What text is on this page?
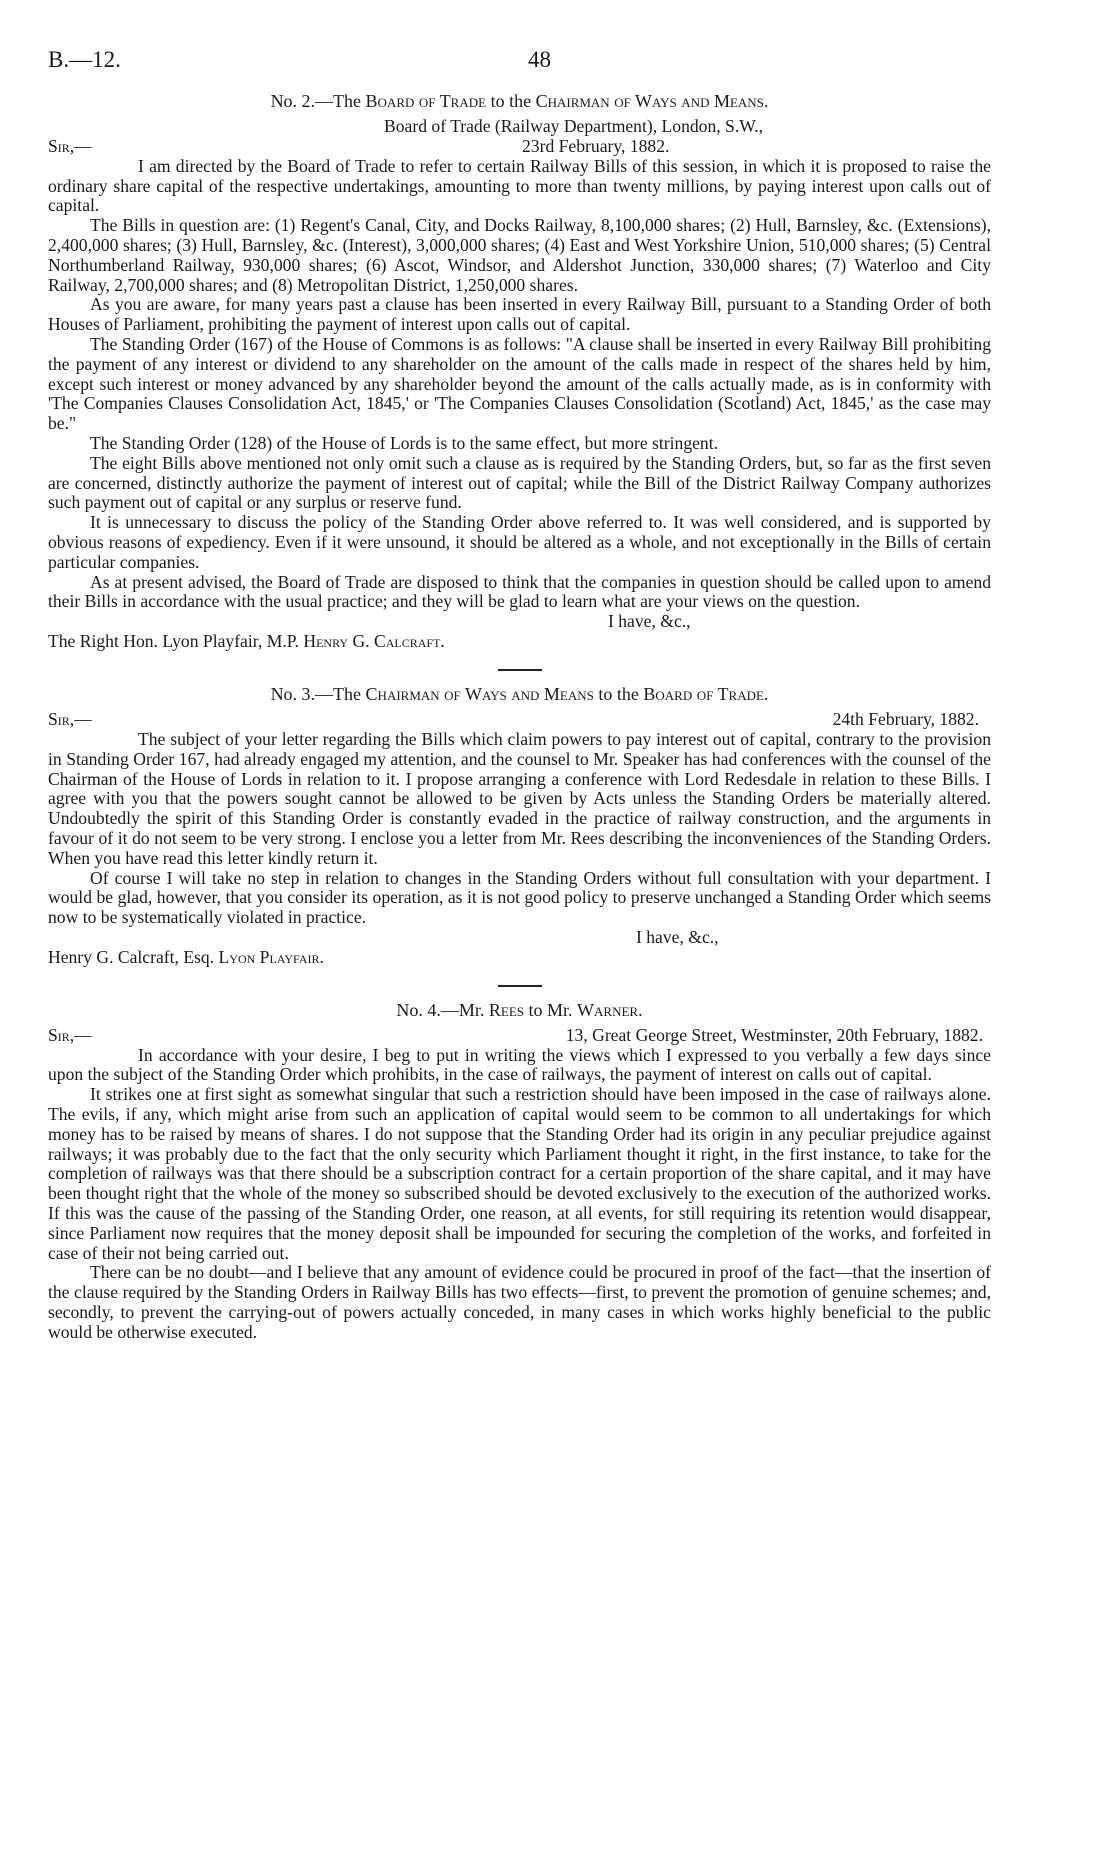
B.—12.	48
No. 2.—The Board of Trade to the Chairman of Ways and Means.
Board of Trade (Railway Department), London, S.W.,
Sir,—	23rd February, 1882.

I am directed by the Board of Trade to refer to certain Railway Bills of this session, in which it is proposed to raise the ordinary share capital of the respective undertakings, amounting to more than twenty millions, by paying interest upon calls out of capital.

The Bills in question are: (1) Regent's Canal, City, and Docks Railway, 8,100,000 shares; (2) Hull, Barnsley, &c. (Extensions), 2,400,000 shares; (3) Hull, Barnsley, &c. (Interest), 3,000,000 shares; (4) East and West Yorkshire Union, 510,000 shares; (5) Central Northumberland Railway, 930,000 shares; (6) Ascot, Windsor, and Aldershot Junction, 330,000 shares; (7) Waterloo and City Railway, 2,700,000 shares; and (8) Metropolitan District, 1,250,000 shares.

As you are aware, for many years past a clause has been inserted in every Railway Bill, pursuant to a Standing Order of both Houses of Parliament, prohibiting the payment of interest upon calls out of capital.

The Standing Order (167) of the House of Commons is as follows: "A clause shall be inserted in every Railway Bill prohibiting the payment of any interest or dividend to any shareholder on the amount of the calls made in respect of the shares held by him, except such interest or money advanced by any shareholder beyond the amount of the calls actually made, as is in conformity with 'The Companies Clauses Consolidation Act, 1845,' or 'The Companies Clauses Consolidation (Scotland) Act, 1845,' as the case may be."

The Standing Order (128) of the House of Lords is to the same effect, but more stringent.

The eight Bills above mentioned not only omit such a clause as is required by the Standing Orders, but, so far as the first seven are concerned, distinctly authorize the payment of interest out of capital; while the Bill of the District Railway Company authorizes such payment out of capital or any surplus or reserve fund.

It is unnecessary to discuss the policy of the Standing Order above referred to. It was well considered, and is supported by obvious reasons of expediency. Even if it were unsound, it should be altered as a whole, and not exceptionally in the Bills of certain particular companies.

As at present advised, the Board of Trade are disposed to think that the companies in question should be called upon to amend their Bills in accordance with the usual practice; and they will be glad to learn what are your views on the question.

I have, &c.,
The Right Hon. Lyon Playfair, M.P. Henry G. Calcraft.
No. 3.—The Chairman of Ways and Means to the Board of Trade.
Sir,—	24th February, 1882.

The subject of your letter regarding the Bills which claim powers to pay interest out of capital, contrary to the provision in Standing Order 167, had already engaged my attention, and the counsel to Mr. Speaker has had conferences with the counsel of the Chairman of the House of Lords in relation to it. I propose arranging a conference with Lord Redesdale in relation to these Bills. I agree with you that the powers sought cannot be allowed to be given by Acts unless the Standing Orders be materially altered. Undoubtedly the spirit of this Standing Order is constantly evaded in the practice of railway construction, and the arguments in favour of it do not seem to be very strong. I enclose you a letter from Mr. Rees describing the inconveniences of the Standing Orders. When you have read this letter kindly return it.

Of course I will take no step in relation to changes in the Standing Orders without full consultation with your department. I would be glad, however, that you consider its operation, as it is not good policy to preserve unchanged a Standing Order which seems now to be systematically violated in practice.

I have, &c.,
Henry G. Calcraft, Esq. Lyon Playfair.
No. 4.—Mr. Rees to Mr. Warner.
Sir,—	13, Great George Street, Westminster, 20th February, 1882.

In accordance with your desire, I beg to put in writing the views which I expressed to you verbally a few days since upon the subject of the Standing Order which prohibits, in the case of railways, the payment of interest on calls out of capital.

It strikes one at first sight as somewhat singular that such a restriction should have been imposed in the case of railways alone. The evils, if any, which might arise from such an application of capital would seem to be common to all undertakings for which money has to be raised by means of shares. I do not suppose that the Standing Order had its origin in any peculiar prejudice against railways; it was probably due to the fact that the only security which Parliament thought it right, in the first instance, to take for the completion of railways was that there should be a subscription contract for a certain proportion of the share capital, and it may have been thought right that the whole of the money so subscribed should be devoted exclusively to the execution of the authorized works. If this was the cause of the passing of the Standing Order, one reason, at all events, for still requiring its retention would disappear, since Parliament now requires that the money deposit shall be impounded for securing the completion of the works, and forfeited in case of their not being carried out.

There can be no doubt—and I believe that any amount of evidence could be procured in proof of the fact—that the insertion of the clause required by the Standing Orders in Railway Bills has two effects—first, to prevent the promotion of genuine schemes; and, secondly, to prevent the carrying-out of powers actually conceded, in many cases in which works highly beneficial to the public would be otherwise executed.
